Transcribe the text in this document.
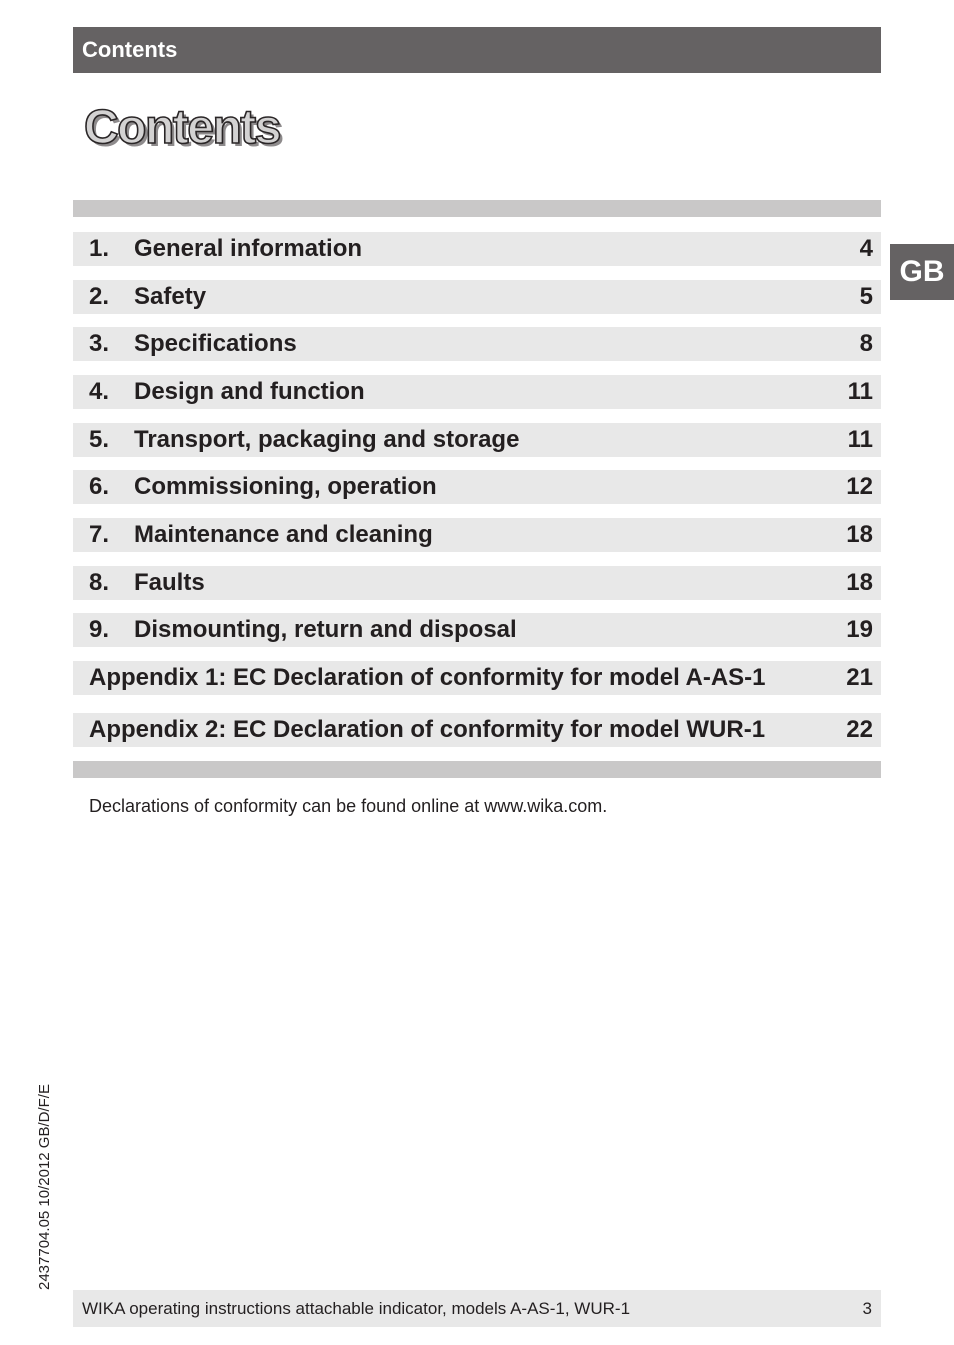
Contents
Contents
GB
1. General information	4
2. Safety	5
3. Specifications	8
4. Design and function	11
5. Transport, packaging and storage	11
6. Commissioning, operation	12
7. Maintenance and cleaning	18
8. Faults	18
9. Dismounting, return and disposal	19
Appendix 1: EC Declaration of conformity for model A-AS-1	21
Appendix 2: EC Declaration of conformity for model WUR-1	22
Declarations of conformity can be found online at www.wika.com.
2437704.05 10/2012 GB/D/F/E
WIKA operating instructions attachable indicator, models A-AS-1, WUR-1	3
